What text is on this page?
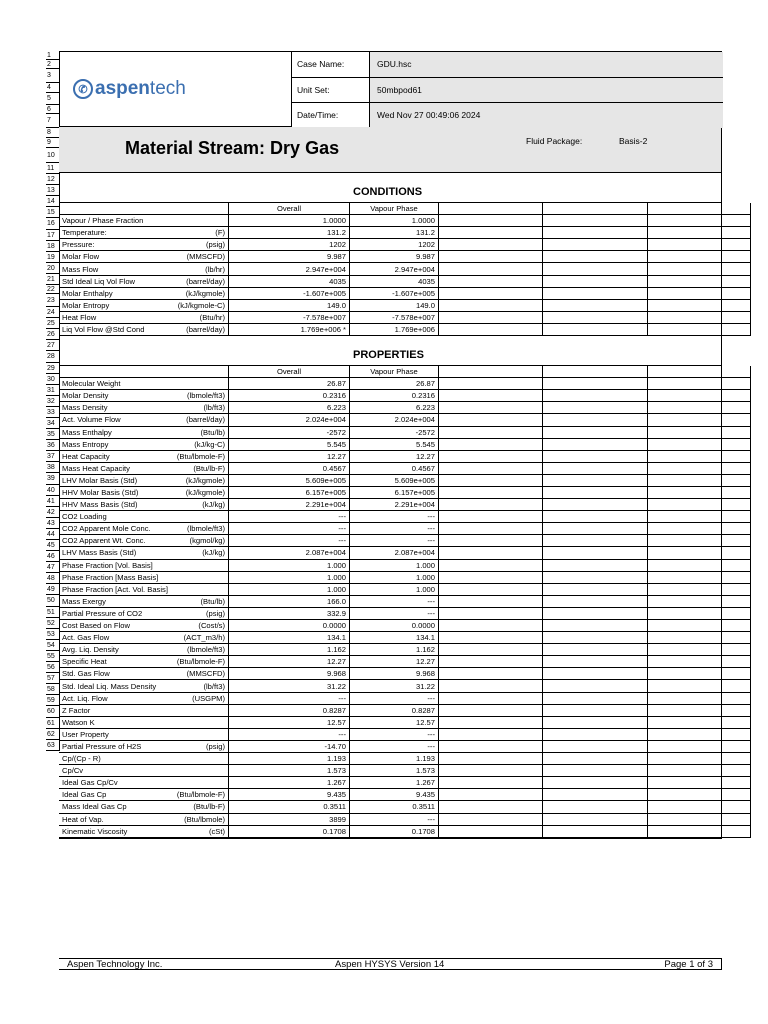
1
2
3
4
5
6
7
8
9
10
11
12
13
14
15
16
17
18
19
20
21
22
23
24
25
26
27
28
29
30
31
32
33
34
35
36
37
38
39
40
41
42
43
44
45
46
47
48
49
50
51
52
53
54
55
56
57
58
59
60
61
62
63
✆ aspentech
Case Name:	GDU.hsc
Unit Set:	50mbpod61
Date/Time:	Wed Nov 27 00:49:06 2024
Material Stream: Dry Gas	Fluid Package:	Basis-2
CONDITIONS
	Overall	Vapour Phase			

Vapour / Phase Fraction	1.0000	1.0000			

Temperature: (F)	131.2	131.2			

Pressure: (psig)	1202	1202			

Molar Flow (MMSCFD)	9.987	9.987			

Mass Flow (lb/hr)	2.947e+004	2.947e+004			

Std Ideal Liq Vol Flow (barrel/day)	4035	4035			

Molar Enthalpy (kJ/kgmole)	-1.607e+005	-1.607e+005			

Molar Entropy (kJ/kgmole-C)	149.0	149.0			

Heat Flow (Btu/hr)	-7.578e+007	-7.578e+007			

Liq Vol Flow @Std Cond (barrel/day)	1.769e+006 *	1.769e+006			
PROPERTIES
	Overall	Vapour Phase			

Molecular Weight	26.87	26.87			

Molar Density (lbmole/ft3)	0.2316	0.2316			

Mass Density (lb/ft3)	6.223	6.223			

Act. Volume Flow (barrel/day)	2.024e+004	2.024e+004			

Mass Enthalpy (Btu/lb)	-2572	-2572			

Mass Entropy (kJ/kg-C)	5.545	5.545			

Heat Capacity (Btu/lbmole-F)	12.27	12.27			

Mass Heat Capacity (Btu/lb-F)	0.4567	0.4567			

LHV Molar Basis (Std) (kJ/kgmole)	5.609e+005	5.609e+005			

HHV Molar Basis (Std) (kJ/kgmole)	6.157e+005	6.157e+005			

HHV Mass Basis (Std) (kJ/kg)	2.291e+004	2.291e+004			

CO2 Loading	---	---			

CO2 Apparent Mole Conc. (lbmole/ft3)	---	---			

CO2 Apparent Wt. Conc. (kgmol/kg)	---	---			

LHV Mass Basis (Std) (kJ/kg)	2.087e+004	2.087e+004			

Phase Fraction [Vol. Basis]	1.000	1.000			

Phase Fraction [Mass Basis]	1.000	1.000			

Phase Fraction [Act. Vol. Basis]	1.000	1.000			

Mass Exergy (Btu/lb)	166.0	---			

Partial Pressure of CO2 (psig)	332.9	---			

Cost Based on Flow (Cost/s)	0.0000	0.0000			

Act. Gas Flow (ACT_m3/h)	134.1	134.1			

Avg. Liq. Density (lbmole/ft3)	1.162	1.162			

Specific Heat (Btu/lbmole-F)	12.27	12.27			

Std. Gas Flow (MMSCFD)	9.968	9.968			

Std. Ideal Liq. Mass Density (lb/ft3)	31.22	31.22			

Act. Liq. Flow (USGPM)	---	---			

Z Factor	0.8287	0.8287			

Watson K	12.57	12.57			

User Property	---	---			

Partial Pressure of H2S (psig)	-14.70	---			

Cp/(Cp - R)	1.193	1.193			

Cp/Cv	1.573	1.573			

Ideal Gas Cp/Cv	1.267	1.267			

Ideal Gas Cp (Btu/lbmole-F)	9.435	9.435			

Mass Ideal Gas Cp (Btu/lb-F)	0.3511	0.3511			

Heat of Vap. (Btu/lbmole)	3899	---			

Kinematic Viscosity (cSt)	0.1708	0.1708			
Aspen Technology Inc.	Aspen HYSYS Version 14	Page 1 of 3
